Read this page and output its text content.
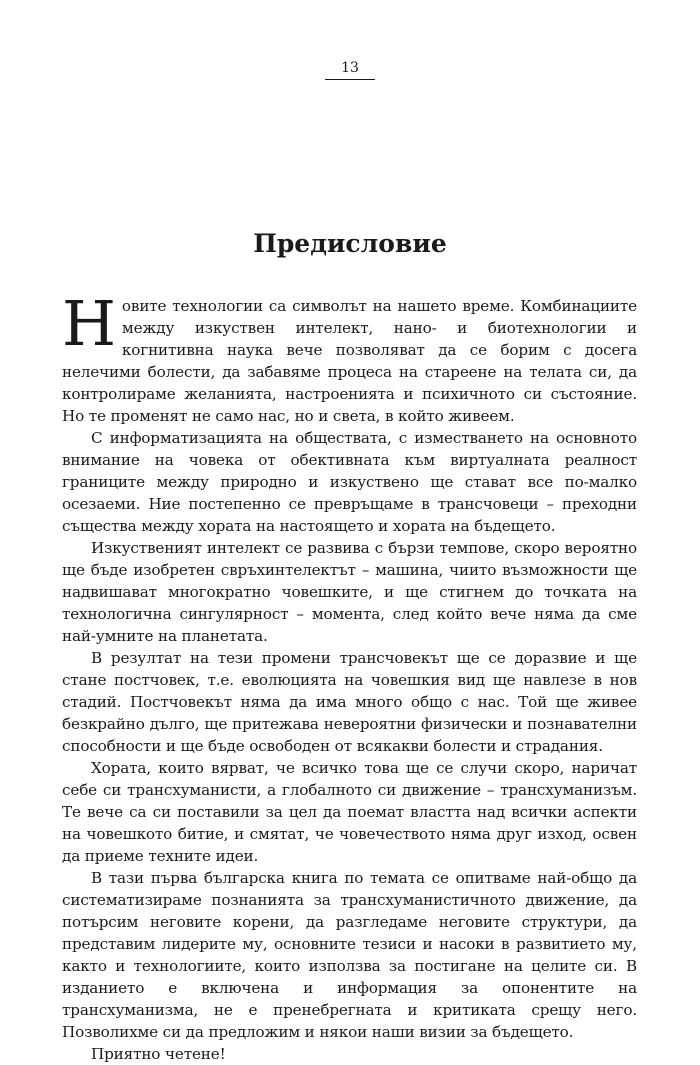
13
Предисловие

Новите технологии са символът на нашето време. Комбинациите между изкуствен интелект, нано- и биотехнологии и когнитивна наука вече позволяват да се борим с досега нелечими болести, да забавяме процеса на стареене на телата си, да контролираме желанията, настроенията и психичното си състояние. Но те променят не само нас, но и света, в който живеем.

С информатизацията на обществата, с изместването на основното внимание на човека от обективната към виртуалната реалност границите между природно и изкуствено ще стават все по-малко осезаеми. Ние постепенно се превръщаме в трансчовеци – преходни същества между хората на настоящето и хората на бъдещето.

Изкуственият интелект се развива с бързи темпове, скоро вероятно ще бъде изобретен свръхинтелектът – машина, чиито възможности ще надвишават многократно човешките, и ще стигнем до точката на технологична сингулярност – момента, след който вече няма да сме най-умните на планетата.

В резултат на тези промени трансчовекът ще се доразвие и ще стане постчовек, т.е. еволюцията на човешкия вид ще навлезе в нов стадий. Постчовекът няма да има много общо с нас. Той ще живее безкрайно дълго, ще притежава невероятни физически и познавателни способности и ще бъде освободен от всякакви болести и страдания.

Хората, които вярват, че всичко това ще се случи скоро, наричат себе си трансхуманисти, а глобалното си движение – трансхуманизъм. Те вече са си поставили за цел да поемат властта над всички аспекти на човешкото битие, и смятат, че човечеството няма друг изход, освен да приеме техните идеи.

В тази първа българска книга по темата се опитваме най-общо да систематизираме познанията за трансхуманистичното движение, да потърсим неговите корени, да разгледаме неговите структури, да представим лидерите му, основните тезиси и насоки в развитието му, както и технологиите, които използва за постигане на целите си. В изданието е включена и информация за опонентите на трансхуманизма, не е пренебрегната и критиката срещу него. Позволихме си да предложим и някои наши визии за бъдещето.

Приятно четене!
